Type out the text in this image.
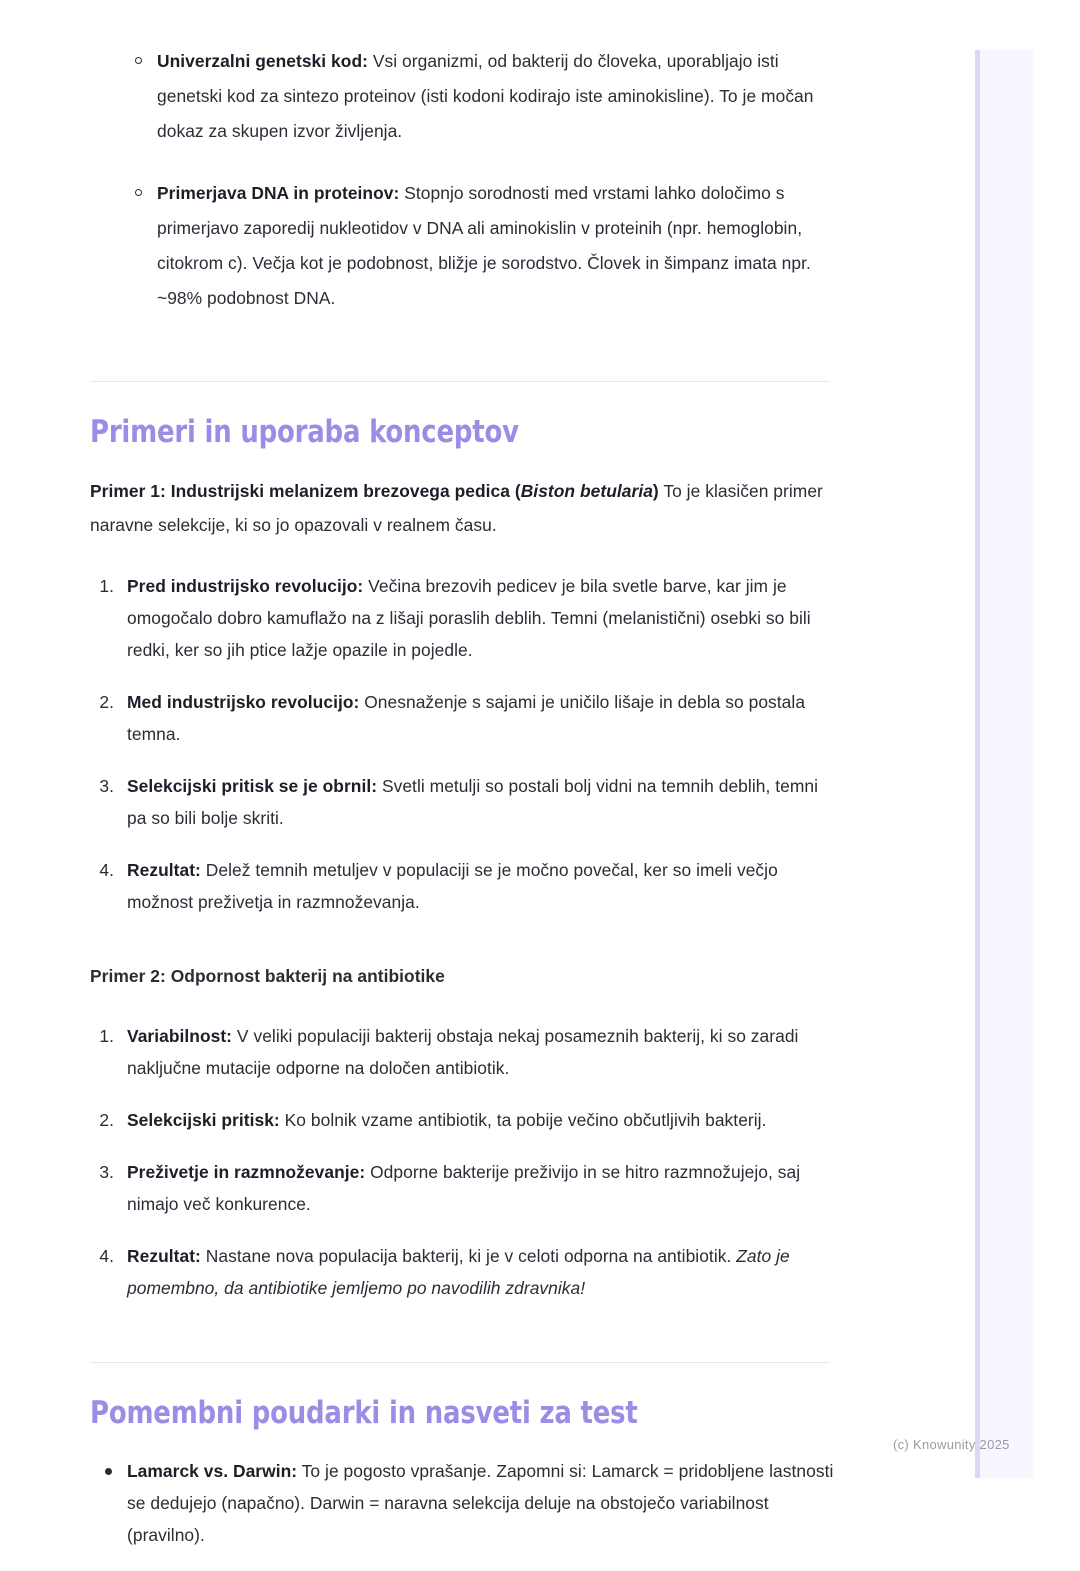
(c) Knowunity 2025
Univerzalni genetski kod: Vsi organizmi, od bakterij do človeka, uporabljajo isti genetski kod za sintezo proteinov (isti kodoni kodirajo iste aminokisline). To je močan dokaz za skupen izvor življenja.
Primerjava DNA in proteinov: Stopnjo sorodnosti med vrstami lahko določimo s primerjavo zaporedij nukleotidov v DNA ali aminokislin v proteinih (npr. hemoglobin, citokrom c). Večja kot je podobnost, bližje je sorodstvo. Človek in šimpanz imata npr. ~98% podobnost DNA.
Primeri in uporaba konceptov

Primer 1: Industrijski melanizem brezovega pedica (Biston betularia) To je klasičen primer naravne selekcije, ki so jo opazovali v realnem času.

Pred industrijsko revolucijo: Večina brezovih pedicev je bila svetle barve, kar jim je omogočalo dobro kamuflažo na z lišaji poraslih deblih. Temni (melanistični) osebki so bili redki, ker so jih ptice lažje opazile in pojedle.
Med industrijsko revolucijo: Onesnaženje s sajami je uničilo lišaje in debla so postala temna.
Selekcijski pritisk se je obrnil: Svetli metulji so postali bolj vidni na temnih deblih, temni pa so bili bolje skriti.
Rezultat: Delež temnih metuljev v populaciji se je močno povečal, ker so imeli večjo možnost preživetja in razmnoževanja.

Primer 2: Odpornost bakterij na antibiotike

Variabilnost: V veliki populaciji bakterij obstaja nekaj posameznih bakterij, ki so zaradi naključne mutacije odporne na določen antibiotik.
Selekcijski pritisk: Ko bolnik vzame antibiotik, ta pobije večino občutljivih bakterij.
Preživetje in razmnoževanje: Odporne bakterije preživijo in se hitro razmnožujejo, saj nimajo več konkurence.
Rezultat: Nastane nova populacija bakterij, ki je v celoti odporna na antibiotik. Zato je pomembno, da antibiotike jemljemo po navodilih zdravnika!
Pomembni poudarki in nasveti za test
Lamarck vs. Darwin: To je pogosto vprašanje. Zapomni si: Lamarck = pridobljene lastnosti se dedujejo (napačno). Darwin = naravna selekcija deluje na obstoječo variabilnost (pravilno).
